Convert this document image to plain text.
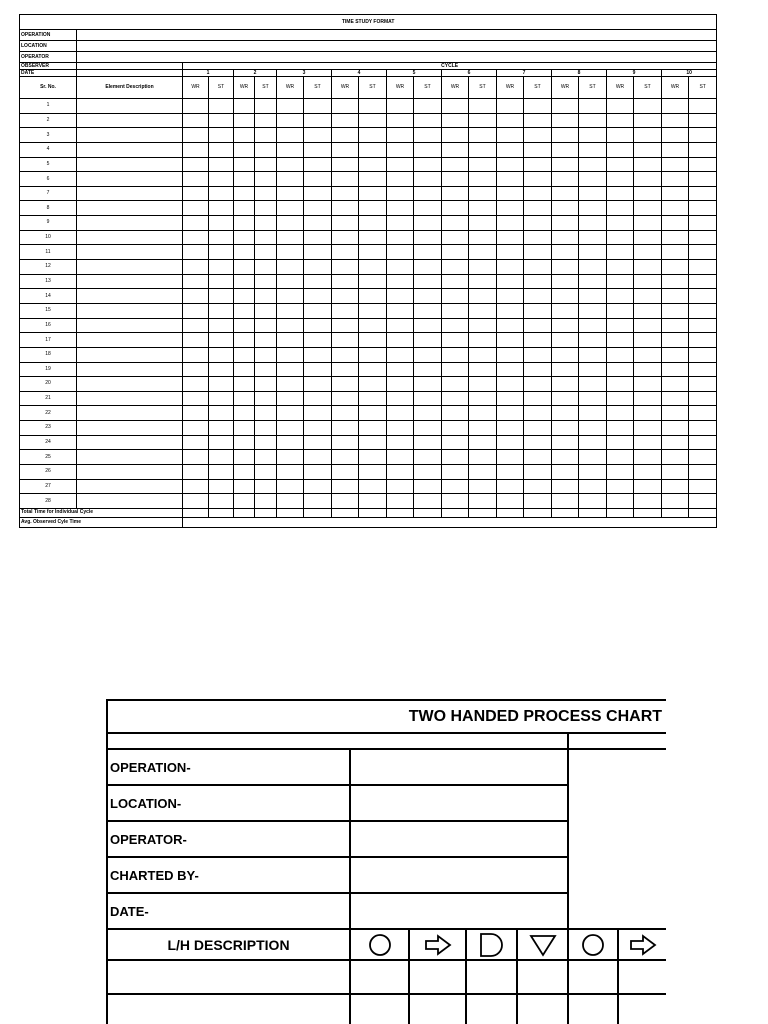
TIME STUDY FORMAT																					
OPERATION																					
LOCATION																					
OPERATOR																					
OBSERVER		CYCLE																			
DATE		1		2		3		4		5		6		7		8		9		10	
Sr. No.	Element Description	WR	ST	WR	ST	WR	ST	WR	ST	WR	ST	WR	ST	WR	ST	WR	ST	WR	ST	WR	ST
1																					
2																					
3																					
4																					
5																					
6																					
7																					
8																					
9																					
10																					
11																					
12																					
13																					
14																					
15																					
16																					
17																					
18																					
19																					
20																					
21																					
22																					
23																					
24																					
25																					
26																					
27																					
28																					
Total Time for Individual Cycle																					
Avg. Observed Cyle Time																					
TWO HANDED PROCESS CHART							

OPERATION-							
LOCATION-							
OPERATOR-							
CHARTED BY-							
DATE-							
L/H DESCRIPTION	
